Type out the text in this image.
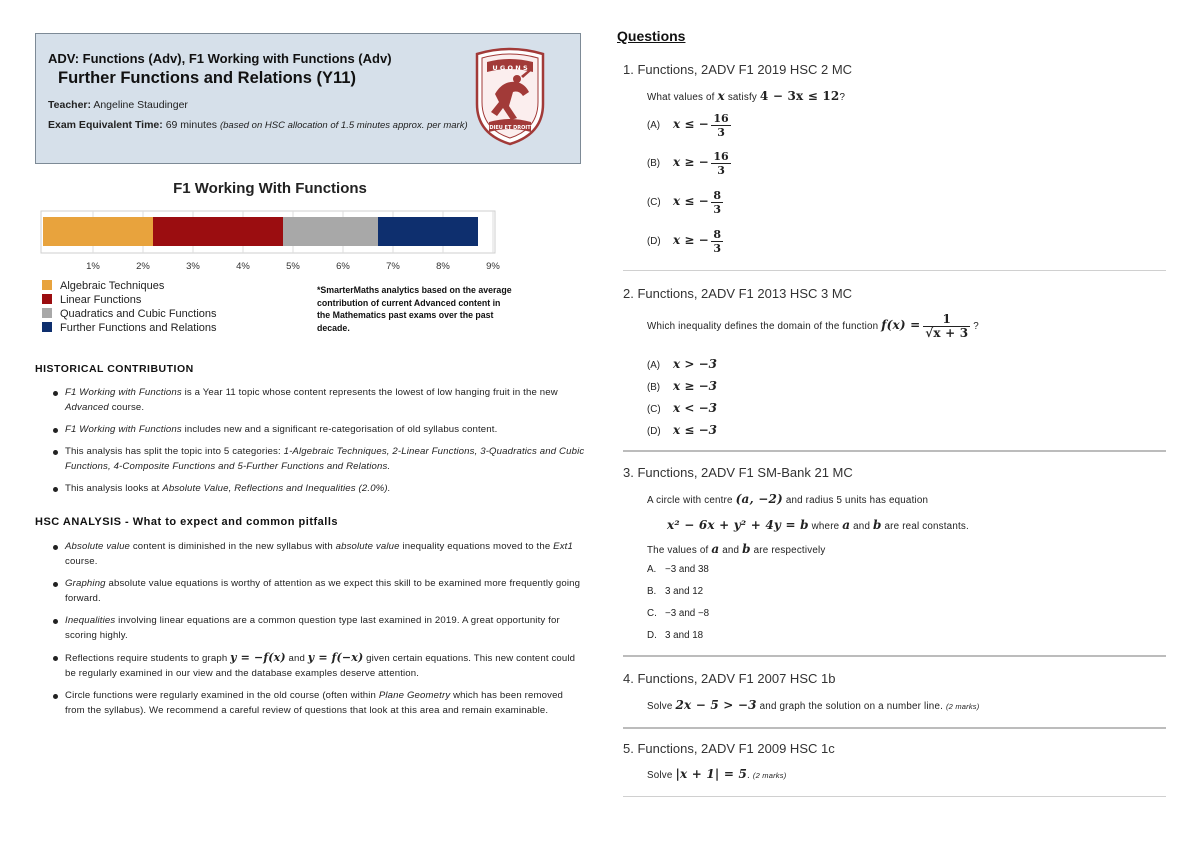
ADV: Functions (Adv), F1 Working with Functions (Adv)
Further Functions and Relations (Y11)
Teacher: Angeline Staudinger
Exam Equivalent Time: 69 minutes (based on HSC allocation of 1.5 minutes approx. per mark)
U G O N S
DIEU ET DROIT
F1 Working With Functions
1%	2%	3%	4%	5%	6%	7%	8%	9%
Algebraic Techniques
Linear Functions
Quadratics and Cubic Functions
Further Functions and Relations
*SmarterMaths analytics based on the average contribution of current Advanced content in the Mathematics past exams over the past decade.
HISTORICAL CONTRIBUTION
F1 Working with Functions is a Year 11 topic whose content represents the lowest of low hanging fruit in the new Advanced course.
F1 Working with Functions includes new and a significant re-categorisation of old syllabus content.
This analysis has split the topic into 5 categories: 1-Algebraic Techniques, 2-Linear Functions, 3-Quadratics and Cubic Functions, 4-Composite Functions and 5-Further Functions and Relations.
This analysis looks at Absolute Value, Reflections and Inequalities (2.0%).
HSC ANALYSIS - What to expect and common pitfalls
Absolute value content is diminished in the new syllabus with absolute value inequality equations moved to the Ext1 course.
Graphing absolute value equations is worthy of attention as we expect this skill to be examined more frequently going forward.
Inequalities involving linear equations are a common question type last examined in 2019. A great opportunity for scoring highly.
Reflections require students to graph y = −f(x) and y = f(−x) given certain equations. This new content could be regularly examined in our view and the database examples deserve attention.
Circle functions were regularly examined in the old course (often within Plane Geometry which has been removed from the syllabus). We recommend a careful review of questions that look at this area and remain examinable.
Questions
1. Functions, 2ADV F1 2019 HSC 2 MC
What values of x satisfy 4 − 3x ≤ 12?
(A) x ≤ − $\frac{16}{3}$
(B) x ≥ − $\frac{16}{3}$
(C) x ≤ − $\frac{8}{3}$
(D) x ≥ − $\frac{8}{3}$
2. Functions, 2ADV F1 2013 HSC 3 MC
Which inequality defines the domain of the function $f(x) = \frac{1}{√x + 3}$ ?
(A) x > −3
(B) x ≥ −3
(C) x < −3
(D) x ≤ −3
3. Functions, 2ADV F1 SM-Bank 21 MC
A circle with centre (a, −2) and radius 5 units has equation
x² − 6x + y² + 4y = b where a and b are real constants.
The values of a and b are respectively
A. −3 and 38
B. 3 and 12
C. −3 and −8
D. 3 and 18
4. Functions, 2ADV F1 2007 HSC 1b
Solve 2x − 5 > −3 and graph the solution on a number line. (2 marks)
5. Functions, 2ADV F1 2009 HSC 1c
Solve |x + 1| = 5. (2 marks)
